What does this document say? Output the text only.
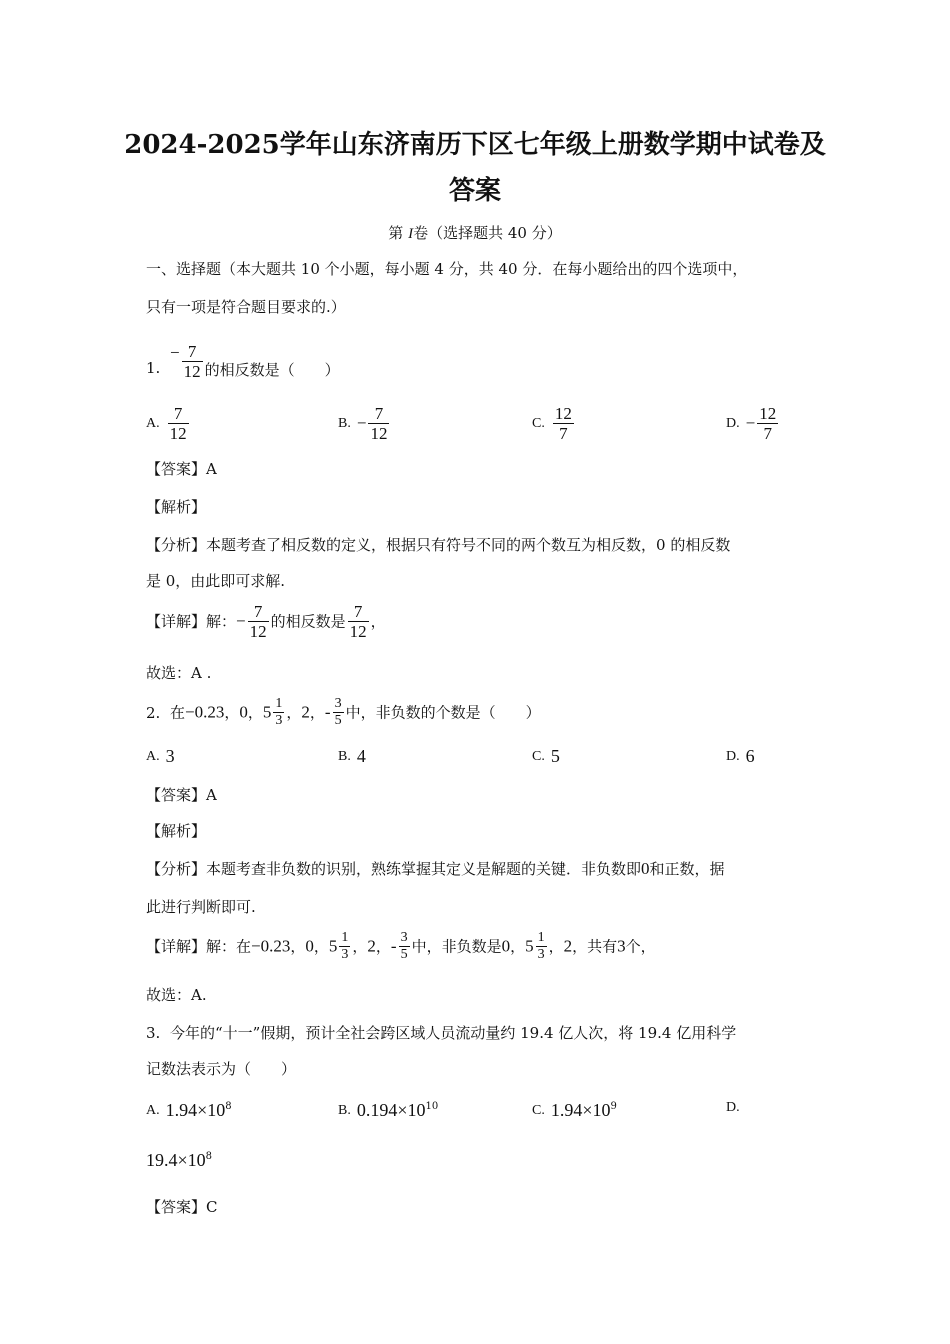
2024-2025学年山东济南历下区七年级上册数学期中试卷及
答案
第 I卷（选择题共 40 分）
一、选择题（本大题共 10 个小题，每小题 4 分，共 40 分．在每小题给出的四个选项中，
只有一项是符合题目要求的.）
$1.- \frac{7}{12}$ 的相反数是（　　）
A. $\frac{7}{12}$	B. − $\frac{7}{12}$	C. $\frac{12}{7}$	D. − $\frac{12}{7}$
【答案】A
【解析】
【分析】本题考查了相反数的定义，根据只有符号不同的两个数互为相反数，0 的相反数
是 0，由此即可求解.
【详解】解：− $\frac{7}{12}$ 的相反数是 $\frac{7}{12}$ ，
故选：A .
2. 在−0.23，0，$5 \frac{1}{3}$ ，2，- $\frac{3}{5}$ 中，非负数的个数是（　　）
A. 3	B. 4	C. 5	D. 6
【答案】A
【解析】
【分析】本题考查非负数的识别，熟练掌握其定义是解题的关键．非负数即0和正数，据
此进行判断即可.
【详解】解：在−0.23，0，$5 \frac{1}{3}$ ，2，- $\frac{3}{5}$ 中，非负数是0，$5 \frac{1}{3}$ ，2，共有3个，
故选：A.
3. 今年的“十一”假期，预计全社会跨区域人员流动量约 19.4 亿人次，将 19.4 亿用科学
记数法表示为（　　）
A. $1.94\times 10^8$	B. $0.194\times 10^{10}$	C. $1.94\times 10^9$	D.
$19.4\times 10^8$
【答案】C
